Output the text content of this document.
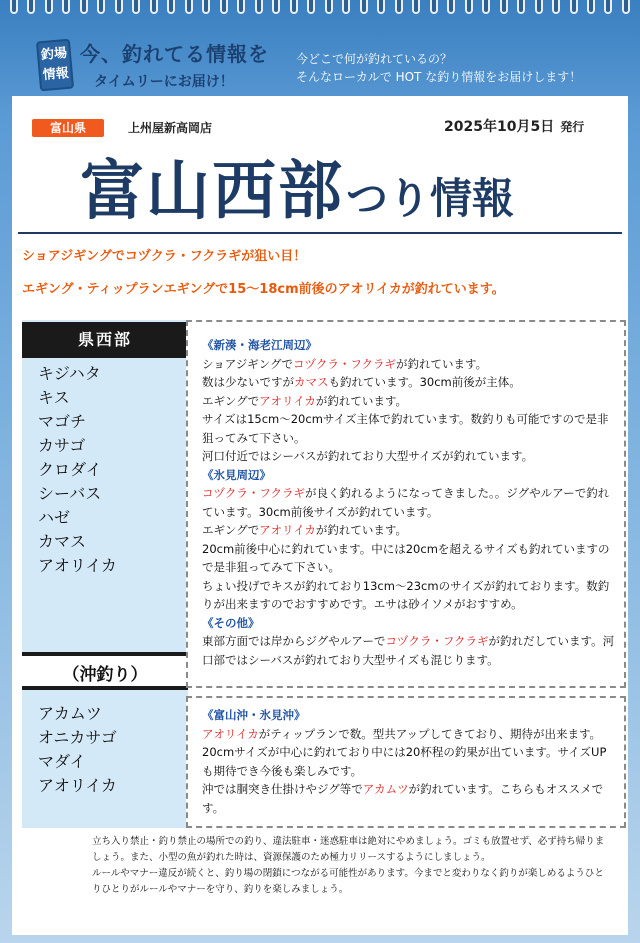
釣場
情報
今、釣れてる情報を
タイムリーにお届け！
今どこで何が釣れているの？
そんなローカルで HOT な釣り情報をお届けします！
富山県	上州屋新高岡店	2025年10月5日 発行
富山西部つり情報
ショアジギングでコヅクラ・フクラギが狙い目！
エギング・ティップランエギングで15～18cm前後のアオリイカが釣れています。
県西部
キジハタ
キス
マゴチ
カサゴ
クロダイ
シーバス
ハゼ
カマス
アオリイカ
（沖釣り）
アカムツ
オニカサゴ
マダイ
アオリイカ

《新湊・海老江周辺》

ショアジギングでコヅクラ・フクラギが釣れています。

数は少ないですがカマスも釣れています。30cm前後が主体。

エギングでアオリイカが釣れています。

サイズは15cm～20cmサイズ主体で釣れています。数釣りも可能ですので是非狙ってみて下さい。

河口付近ではシーバスが釣れており大型サイズが釣れています。

《氷見周辺》

コヅクラ・フクラギが良く釣れるようになってきました。。ジグやルアーで釣れています。30cm前後サイズが釣れています。

エギングでアオリイカが釣れています。

20cm前後中心に釣れています。中には20cmを超えるサイズも釣れていますので是非狙ってみて下さい。

ちょい投げでキスが釣れており13cm～23cmのサイズが釣れております。数釣りが出来ますのでおすすめです。エサは砂イソメがおすすめ。

《その他》

東部方面では岸からジグやルアーでコヅクラ・フクラギが釣れだしています。河口部ではシーバスが釣れており大型サイズも混じります。

《富山沖・氷見沖》

アオリイカがティップランで数。型共アップしてきており、期待が出来ます。20cmサイズが中心に釣れており中には20杯程の釣果が出ています。サイズUPも期待でき今後も楽しみです。

沖では胴突き仕掛けやジグ等でアカムツが釣れています。こちらもオススメです。

立ち入り禁止・釣り禁止の場所での釣り、違法駐車・迷惑駐車は絶対にやめましょう。ゴミも放置せず、必ず持ち帰りましょう。また、小型の魚が釣れた時は、資源保護のため極力リリースするようにしましょう。

ルールやマナー違反が続くと、釣り場の閉鎖につながる可能性があります。今までと変わりなく釣りが楽しめるようひとりひとりがルールやマナーを守り、釣りを楽しみましょう。
